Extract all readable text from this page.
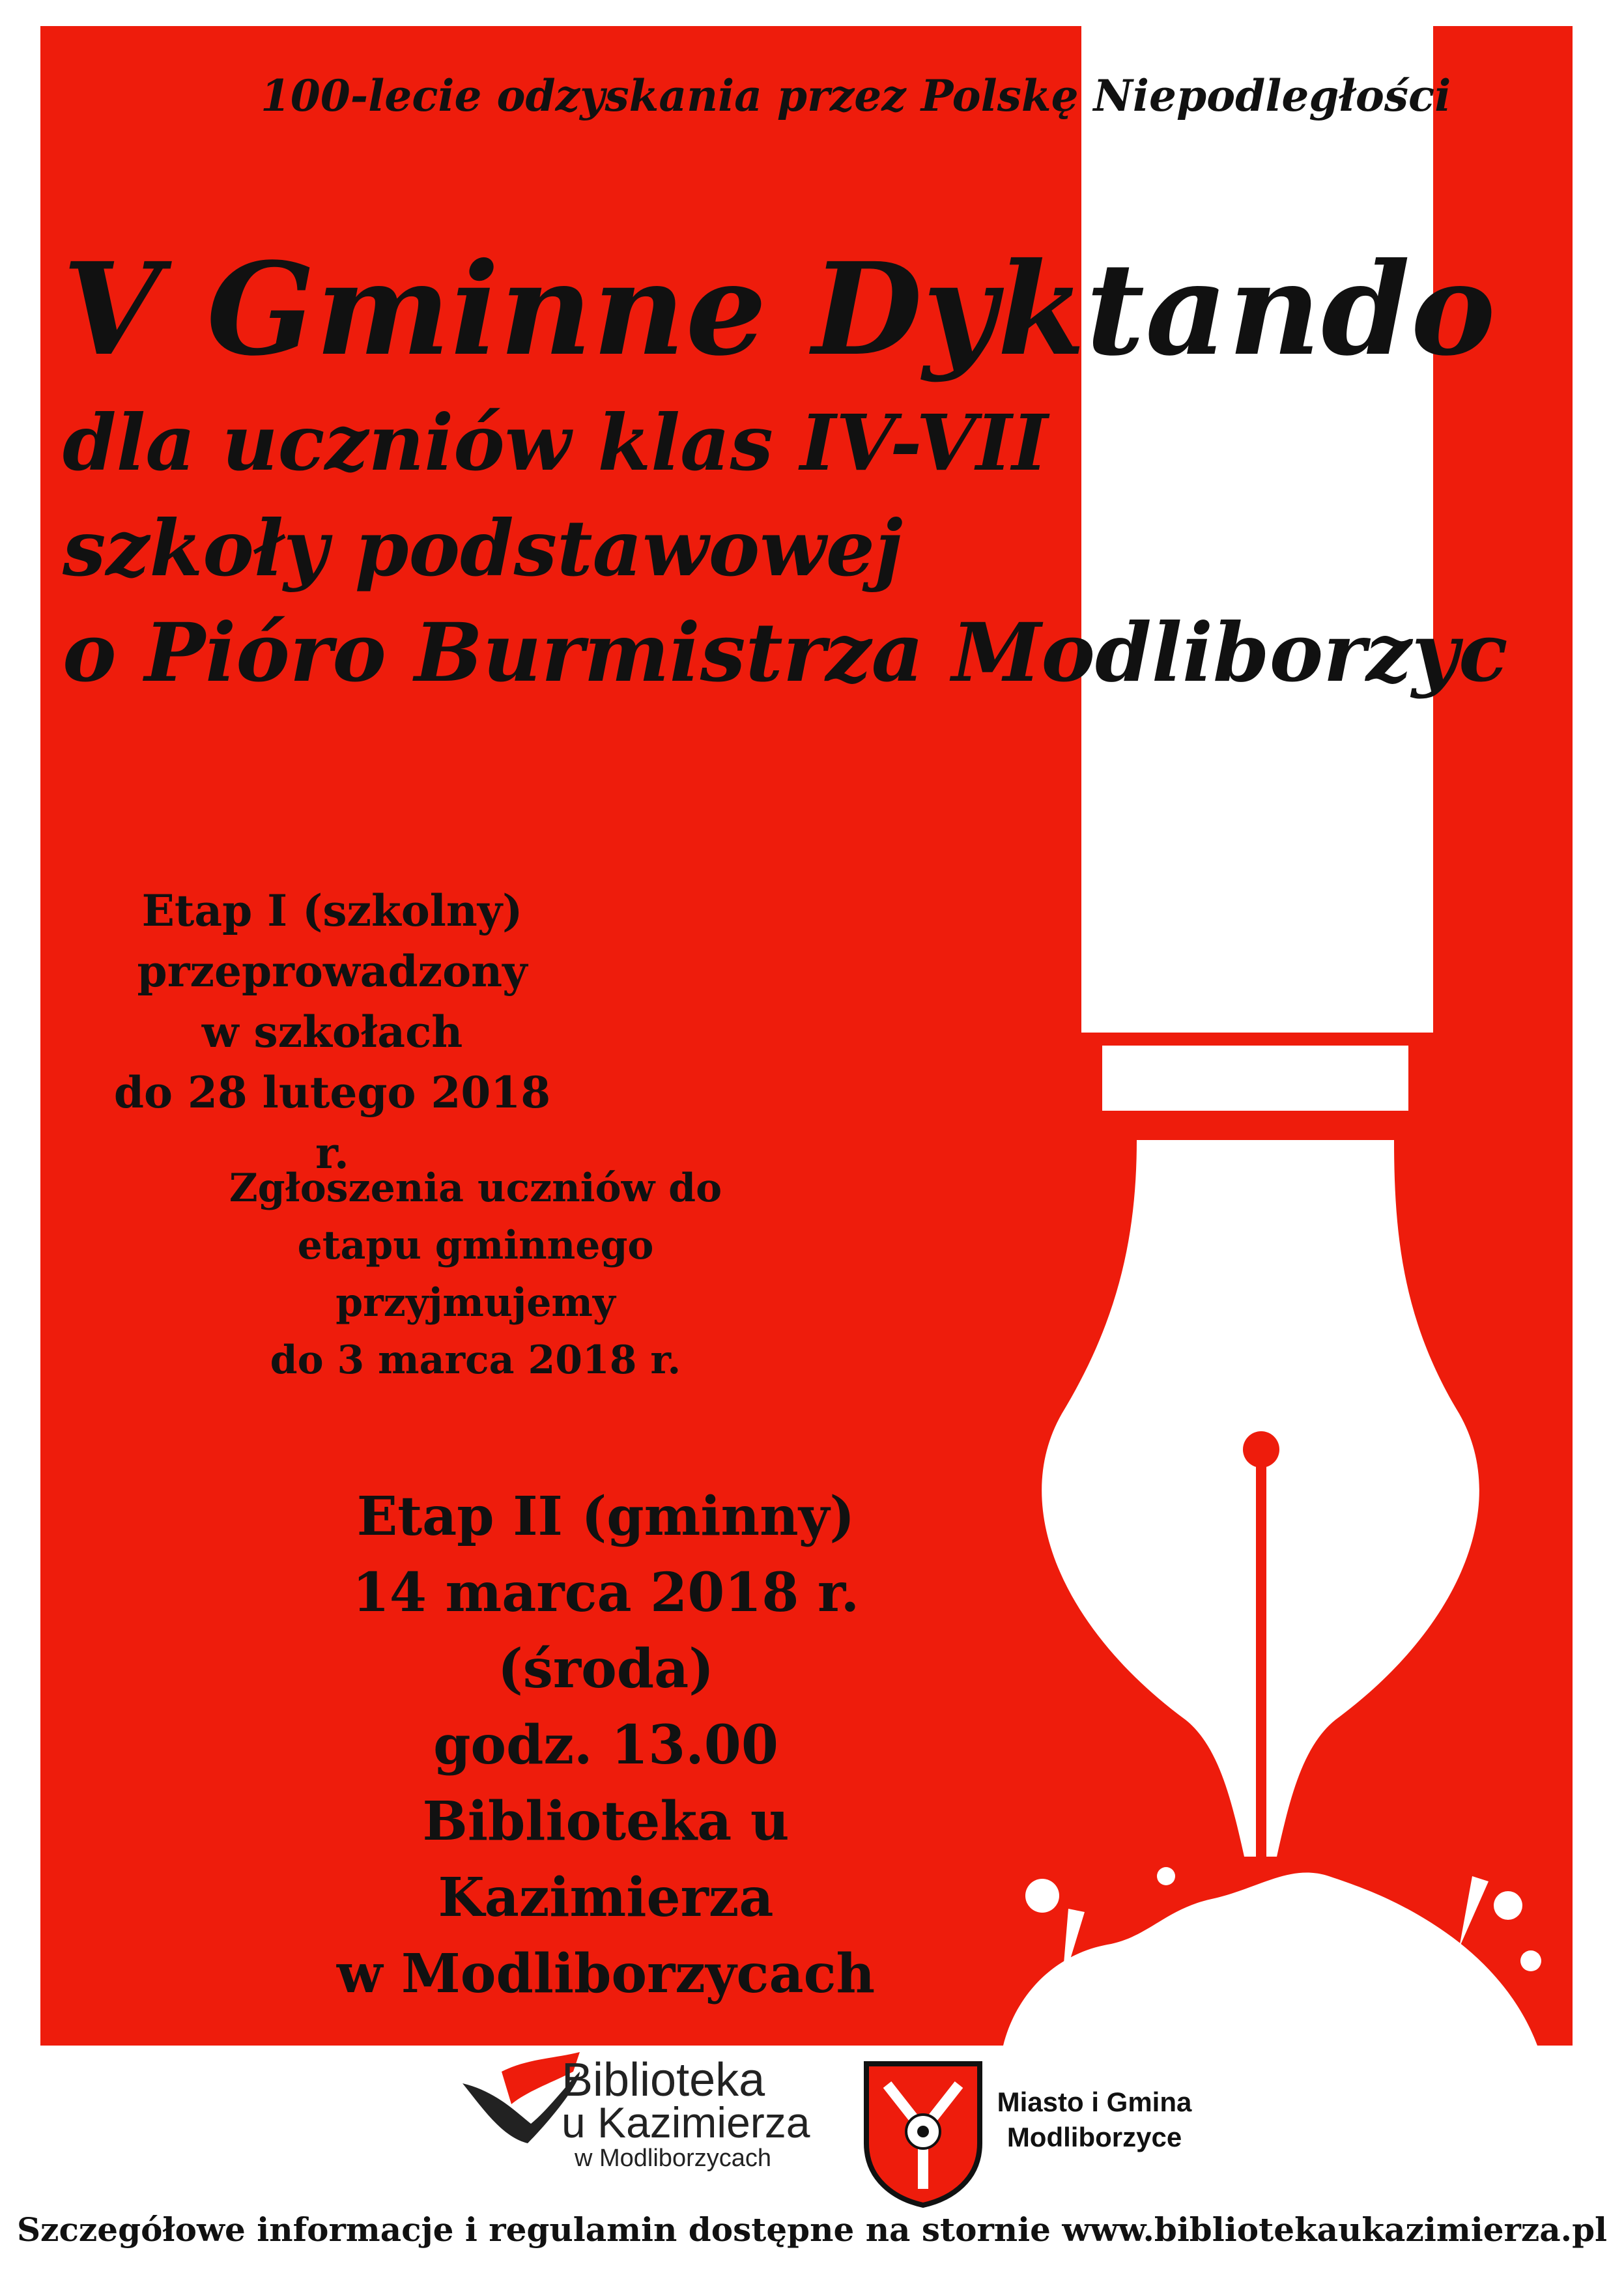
100-lecie odzyskania przez Polskę Niepodległości

V Gminne Dyktando

dla uczniów klas IV-VII

szkoły podstawowej

o Pióro Burmistrza Modliborzyc

Etap I (szkolny)
przeprowadzony
w szkołach
do 28 lutego 2018 r.
Zgłoszenia uczniów do
etapu gminnego
przyjmujemy
do 3 marca 2018 r.
Etap II (gminny)
14 marca 2018 r. (środa)
godz. 13.00
Biblioteka u Kazimierza
w Modliborzycach
Biblioteka
u Kazimierza
w Modliborzycach
Miasto i Gmina
Modliborzyce

Szczegółowe informacje i regulamin dostępne na stornie www.bibliotekaukazimierza.pl
